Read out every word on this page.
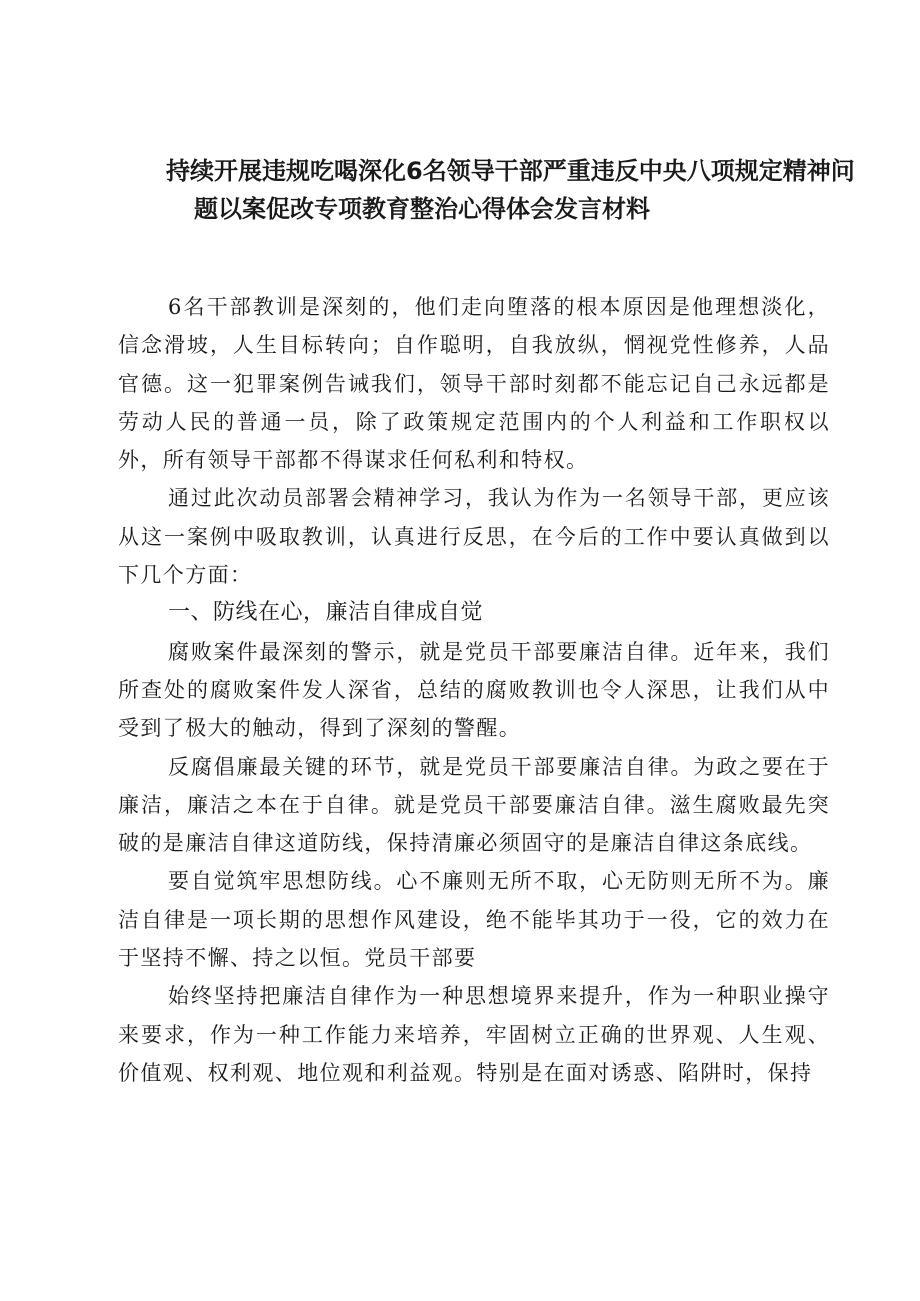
持续开展违规吃喝深化6名领导干部严重违反中央八项规定精神问
题以案促改专项教育整治心得体会发言材料

6名干部教训是深刻的，他们走向堕落的根本原因是他理想淡化，信念滑坡，人生目标转向；自作聪明，自我放纵，惘视党性修养，人品官德。这一犯罪案例告诫我们，领导干部时刻都不能忘记自己永远都是劳动人民的普通一员，除了政策规定范围内的个人利益和工作职权以外，所有领导干部都不得谋求任何私利和特权。

通过此次动员部署会精神学习，我认为作为一名领导干部，更应该从这一案例中吸取教训，认真进行反思，在今后的工作中要认真做到以下几个方面：

一、防线在心，廉洁自律成自觉

腐败案件最深刻的警示，就是党员干部要廉洁自律。近年来，我们所查处的腐败案件发人深省，总结的腐败教训也令人深思，让我们从中受到了极大的触动，得到了深刻的警醒。

反腐倡廉最关键的环节，就是党员干部要廉洁自律。为政之要在于廉洁，廉洁之本在于自律。就是党员干部要廉洁自律。滋生腐败最先突破的是廉洁自律这道防线，保持清廉必须固守的是廉洁自律这条底线。

要自觉筑牢思想防线。心不廉则无所不取，心无防则无所不为。廉洁自律是一项长期的思想作风建设，绝不能毕其功于一役，它的效力在于坚持不懈、持之以恒。党员干部要

始终坚持把廉洁自律作为一种思想境界来提升，作为一种职业操守来要求，作为一种工作能力来培养，牢固树立正确的世界观、人生观、价值观、权利观、地位观和利益观。特别是在面对诱惑、陷阱时，保持
